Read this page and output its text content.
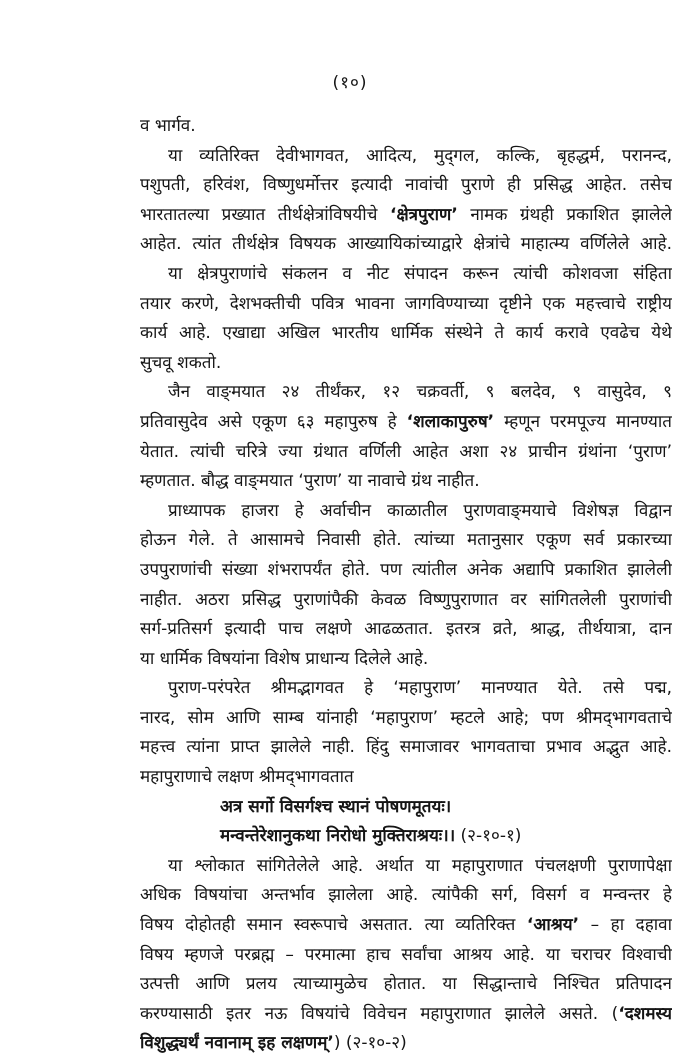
(१०)
व भार्गव.
या व्यतिरिक्त देवीभागवत, आदित्य, मुद्‌गल, कल्कि, बृहद्धर्म, परानन्द,
पशुपती, हरिवंश, विष्णुधर्मोत्तर इत्यादी नावांची पुराणे ही प्रसिद्ध आहेत. तसेच
भारतातल्या प्रख्यात तीर्थक्षेत्रांविषयीचे ‘क्षेत्रपुराण’ नामक ग्रंथही प्रकाशित झालेले
आहेत. त्यांत तीर्थक्षेत्र विषयक आख्यायिकांच्याद्वारे क्षेत्रांचे माहात्म्य वर्णिलेले आहे.
या क्षेत्रपुराणांचे संकलन व नीट संपादन करून त्यांची कोशवजा संहिता
तयार करणे, देशभक्तीची पवित्र भावना जागविण्याच्या दृष्टीने एक महत्त्वाचे राष्ट्रीय
कार्य आहे. एखाद्या अखिल भारतीय धार्मिक संस्थेने ते कार्य करावे एवढेच येथे
सुचवू शकतो.
जैन वाङ्‌मयात २४ तीर्थंकर, १२ चक्रवर्ती, ९ बलदेव, ९ वासुदेव, ९
प्रतिवासुदेव असे एकूण ६३ महापुरुष हे ‘शलाकापुरुष’ म्हणून परमपूज्य मानण्यात
येतात. त्यांची चरित्रे ज्या ग्रंथात वर्णिली आहेत अशा २४ प्राचीन ग्रंथांना ‘पुराण’
म्हणतात. बौद्ध वाङ्‌मयात ‘पुराण’ या नावाचे ग्रंथ नाहीत.
प्राध्यापक हाजरा हे अर्वाचीन काळातील पुराणवाङ्‌मयाचे विशेषज्ञ विद्वान
होऊन गेले. ते आसामचे निवासी होते. त्यांच्या मतानुसार एकूण सर्व प्रकारच्या
उपपुराणांची संख्या शंभरापर्यंत होते. पण त्यांतील अनेक अद्यापि प्रकाशित झालेली
नाहीत. अठरा प्रसिद्ध पुराणांपैकी केवळ विष्णुपुराणात वर सांगितलेली पुराणांची
सर्ग-प्रतिसर्ग इत्यादी पाच लक्षणे आढळतात. इतरत्र व्रते, श्राद्ध, तीर्थयात्रा, दान
या धार्मिक विषयांना विशेष प्राधान्य दिलेले आहे.
पुराण-परंपरेत श्रीमद्भागवत हे ‘महापुराण’ मानण्यात येते. तसे पद्म,
नारद, सोम आणि साम्ब यांनाही ‘महापुराण’ म्हटले आहे; पण श्रीमद्‌भागवताचे
महत्त्व त्यांना प्राप्त झालेले नाही. हिंदु समाजावर भागवताचा प्रभाव अद्भुत आहे.
महापुराणाचे लक्षण श्रीमद्‌भागवतात
अत्र सर्गो विसर्गश्च स्थानं पोषणमूतयः।
मन्वन्तेरेशानुकथा निरोधो मुक्तिराश्रयः।। (२-१०-१)
या श्लोकात सांगितेलेले आहे. अर्थात या महापुराणात पंचलक्षणी पुराणापेक्षा
अधिक विषयांचा अन्तर्भाव झालेला आहे. त्यांपैकी सर्ग, विसर्ग व मन्वन्तर हे
विषय दोहोतही समान स्वरूपाचे असतात. त्या व्यतिरिक्त ‘आश्रय’ – हा दहावा
विषय म्हणजे परब्रह्म – परमात्मा हाच सर्वांचा आश्रय आहे. या चराचर विश्वाची
उत्पत्ती आणि प्रलय त्याच्यामुळेच होतात. या सिद्धान्ताचे निश्चित प्रतिपादन
करण्यासाठी इतर नऊ विषयांचे विवेचन महापुराणात झालेले असते. (‘दशमस्य
विशुद्ध्यर्थं नवानाम् इह लक्षणम्’) (२-१०-२)
